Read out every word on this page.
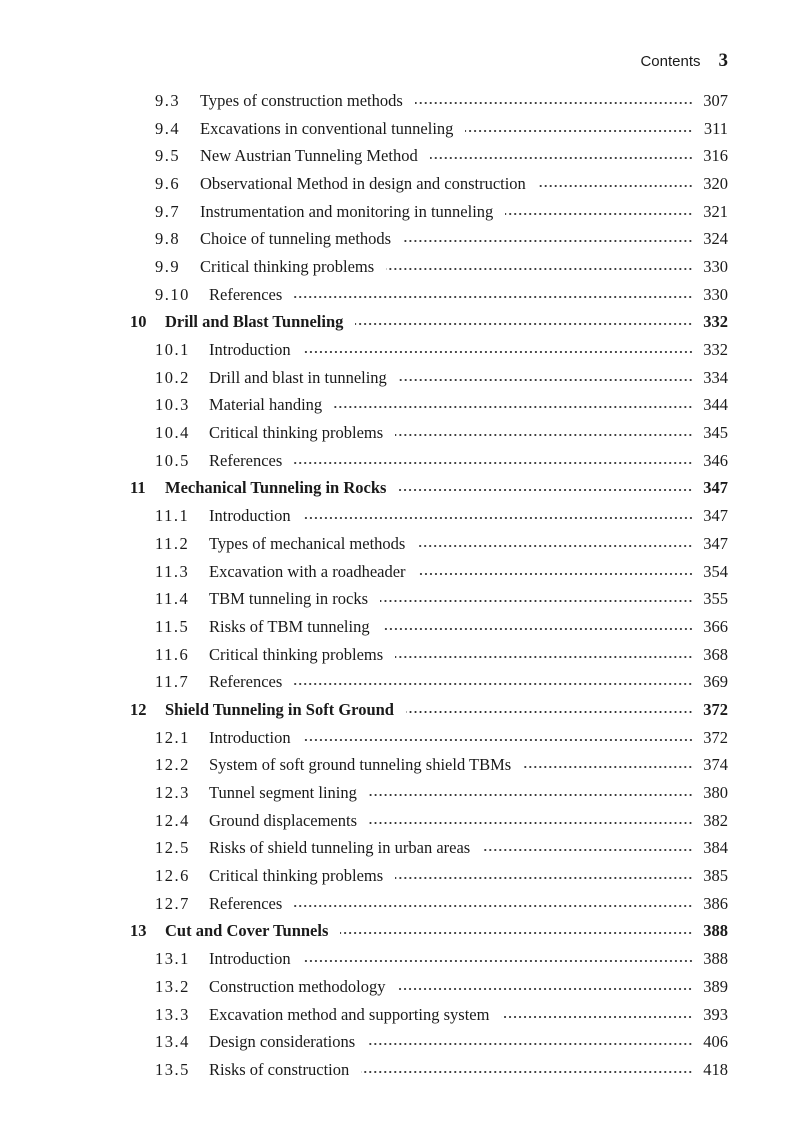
Contents 3
9.3 Types of construction methods	307
9.4 Excavations in conventional tunneling	311
9.5 New Austrian Tunneling Method	316
9.6 Observational Method in design and construction	320
9.7 Instrumentation and monitoring in tunneling	321
9.8 Choice of tunneling methods	324
9.9 Critical thinking problems	330
9.10 References	330
10 Drill and Blast Tunneling	332
10.1 Introduction	332
10.2 Drill and blast in tunneling	334
10.3 Material handing	344
10.4 Critical thinking problems	345
10.5 References	346
11 Mechanical Tunneling in Rocks	347
11.1 Introduction	347
11.2 Types of mechanical methods	347
11.3 Excavation with a roadheader	354
11.4 TBM tunneling in rocks	355
11.5 Risks of TBM tunneling	366
11.6 Critical thinking problems	368
11.7 References	369
12 Shield Tunneling in Soft Ground	372
12.1 Introduction	372
12.2 System of soft ground tunneling shield TBMs	374
12.3 Tunnel segment lining	380
12.4 Ground displacements	382
12.5 Risks of shield tunneling in urban areas	384
12.6 Critical thinking problems	385
12.7 References	386
13 Cut and Cover Tunnels	388
13.1 Introduction	388
13.2 Construction methodology	389
13.3 Excavation method and supporting system	393
13.4 Design considerations	406
13.5 Risks of construction	418
